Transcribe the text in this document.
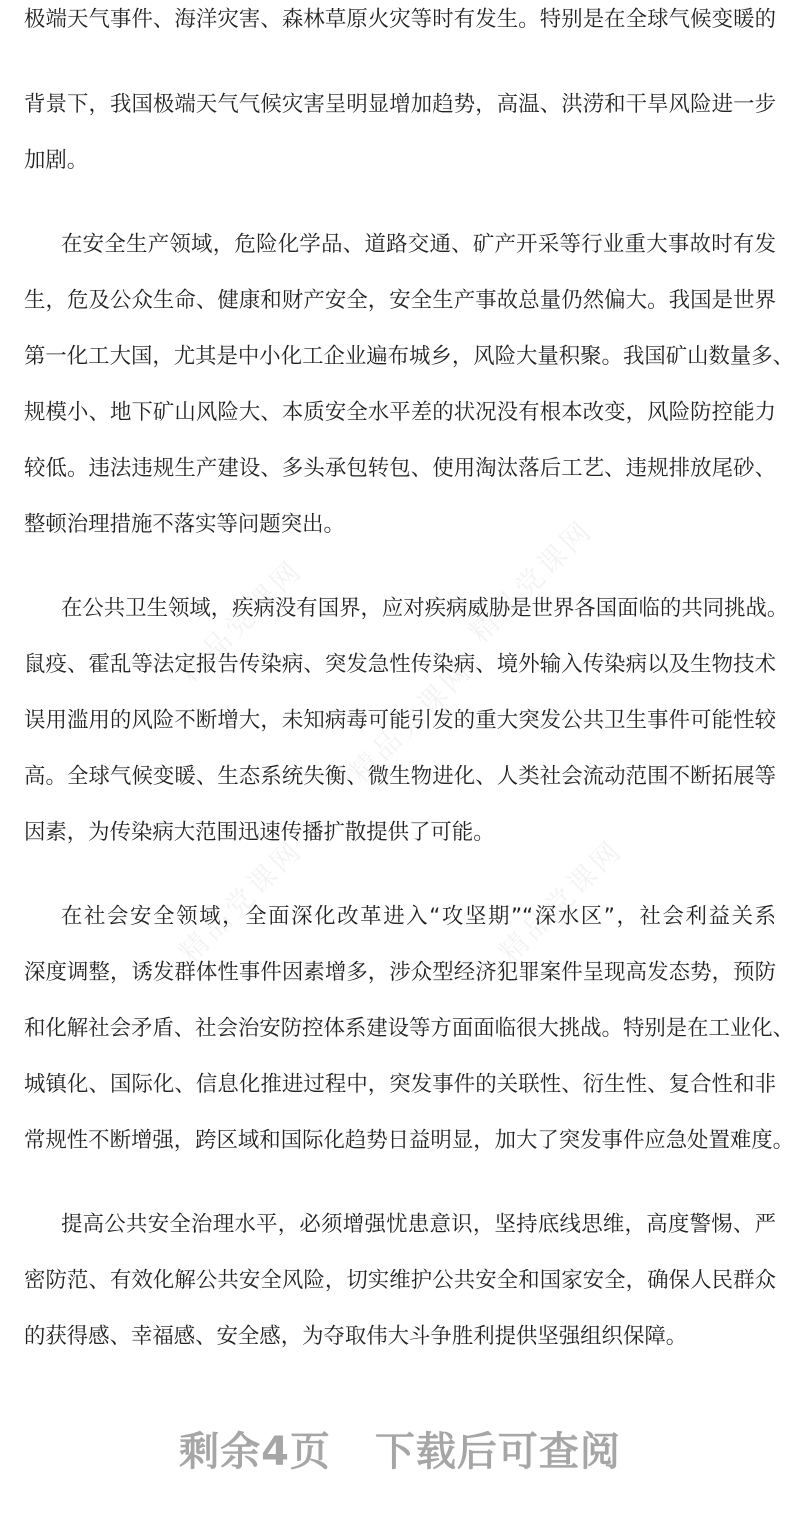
精品党课网	精品党课网
精品党课网
精品党课网	精品党课网
极端天气事件、海洋灾害、森林草原火灾等时有发生。特别是在全球气候变暖的
背景下，我国极端天气气候灾害呈明显增加趋势，高温、洪涝和干旱风险进一步
加剧。
在安全生产领域，危险化学品、道路交通、矿产开采等行业重大事故时有发
生，危及公众生命、健康和财产安全，安全生产事故总量仍然偏大。我国是世界
第一化工大国，尤其是中小化工企业遍布城乡，风险大量积聚。我国矿山数量多、
规模小、地下矿山风险大、本质安全水平差的状况没有根本改变，风险防控能力
较低。违法违规生产建设、多头承包转包、使用淘汰落后工艺、违规排放尾砂、
整顿治理措施不落实等问题突出。
在公共卫生领域，疾病没有国界，应对疾病威胁是世界各国面临的共同挑战。
鼠疫、霍乱等法定报告传染病、突发急性传染病、境外输入传染病以及生物技术
误用滥用的风险不断增大，未知病毒可能引发的重大突发公共卫生事件可能性较
高。全球气候变暖、生态系统失衡、微生物进化、人类社会流动范围不断拓展等
因素，为传染病大范围迅速传播扩散提供了可能。
在社会安全领域，全面深化改革进入“攻坚期”“深水区”，社会利益关系
深度调整，诱发群体性事件因素增多，涉众型经济犯罪案件呈现高发态势，预防
和化解社会矛盾、社会治安防控体系建设等方面面临很大挑战。特别是在工业化、
城镇化、国际化、信息化推进过程中，突发事件的关联性、衍生性、复合性和非
常规性不断增强，跨区域和国际化趋势日益明显，加大了突发事件应急处置难度。
提高公共安全治理水平，必须增强忧患意识，坚持底线思维，高度警惕、严
密防范、有效化解公共安全风险，切实维护公共安全和国家安全，确保人民群众
的获得感、幸福感、安全感，为夺取伟大斗争胜利提供坚强组织保障。
剩余4页 下载后可查阅
